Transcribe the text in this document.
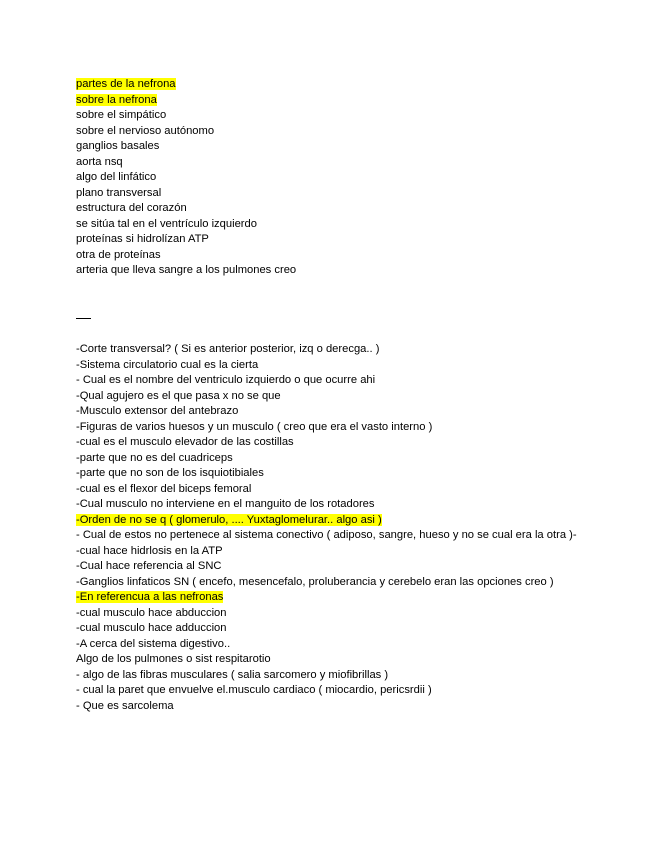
partes de la nefrona
sobre la nefrona
sobre el simpático
sobre el nervioso autónomo
ganglios basales
aorta nsq
algo del linfático
plano transversal
estructura del corazón
se sitúa tal en el ventrículo izquierdo
proteínas si hidrolízan ATP
otra de proteínas
arteria que lleva sangre a los pulmones creo
-Corte transversal? ( Si es anterior posterior, izq o derecga.. )
-Sistema circulatorio cual es la cierta
- Cual es el nombre del ventriculo izquierdo o que ocurre ahi
-Qual agujero es el que pasa x no se que
-Musculo extensor del antebrazo
-Figuras de varios huesos y un musculo ( creo que era el vasto interno )
-cual es el musculo elevador de las costillas
-parte que no es del cuadriceps
-parte que no son de los isquiotibiales
-cual es el flexor del biceps femoral
-Cual musculo no interviene en el manguito de los rotadores
-Orden de no se q ( glomerulo, .... Yuxtaglomelurar.. algo asi )
- Cual de estos no pertenece al sistema conectivo ( adiposo, sangre, hueso y no se cual era la otra )-
-cual hace hidrlosis en la ATP
-Cual hace referencia al SNC
-Ganglios linfaticos SN ( encefo, mesencefalo, proluberancia y cerebelo eran las opciones creo )
-En referencua a las nefronas
-cual musculo hace abduccion
-cual musculo hace adduccion
-A cerca del sistema digestivo..
Algo de los pulmones o sist respitarotio
- algo de las fibras musculares ( salia sarcomero y miofibrillas )
- cual la paret que envuelve el.musculo cardiaco ( miocardio, pericsrdii )
- Que es sarcolema
